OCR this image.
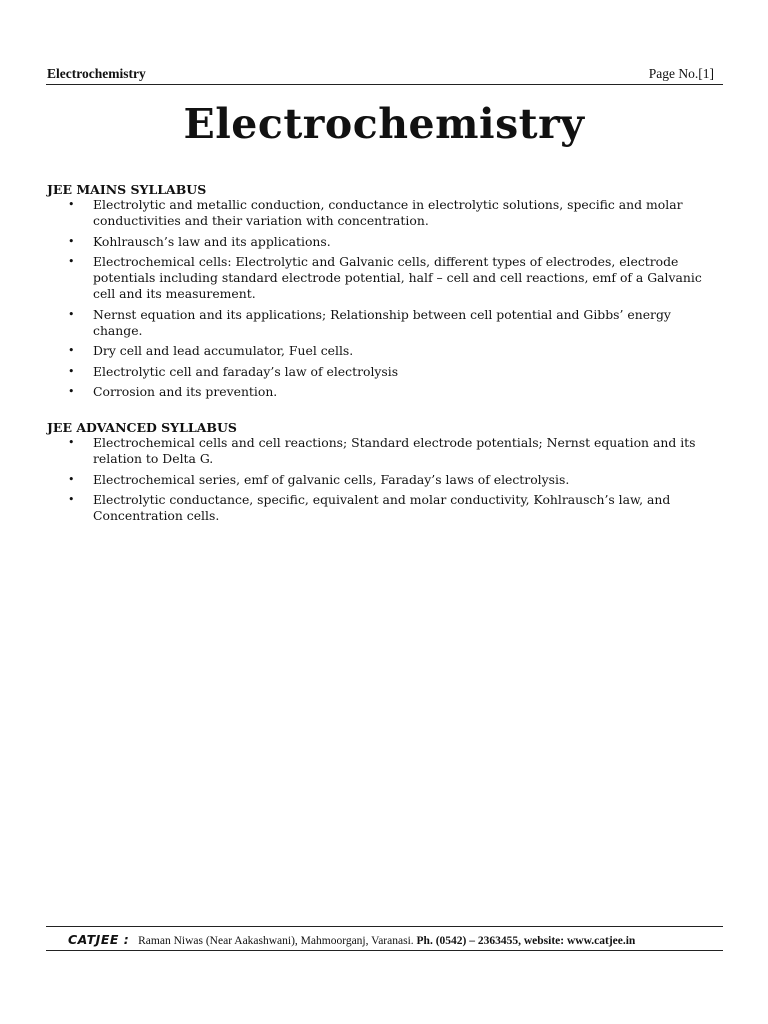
Electrochemistry	Page No.[1]
Electrochemistry
JEE MAINS SYLLABUS
• Electrolytic and metallic conduction, conductance in electrolytic solutions, specific and molar conductivities and their variation with concentration.
• Kohlrausch’s law and its applications.
• Electrochemical cells: Electrolytic and Galvanic cells, different types of electrodes, electrode potentials including standard electrode potential, half – cell and cell reactions, emf of a Galvanic cell and its measurement.
• Nernst equation and its applications; Relationship between cell potential and Gibbs’ energy change.
• Dry cell and lead accumulator, Fuel cells.
• Electrolytic cell and faraday’s law of electrolysis
• Corrosion and its prevention.
JEE ADVANCED SYLLABUS
• Electrochemical cells and cell reactions; Standard electrode potentials; Nernst equation and its relation to Delta G.
• Electrochemical series, emf of galvanic cells, Faraday’s laws of electrolysis.
• Electrolytic conductance, specific, equivalent and molar conductivity, Kohlrausch’s law, and Concentration cells.
CATJEE : Raman Niwas (Near Aakashwani), Mahmoorganj, Varanasi. Ph. (0542) – 2363455, website: www.catjee.in
